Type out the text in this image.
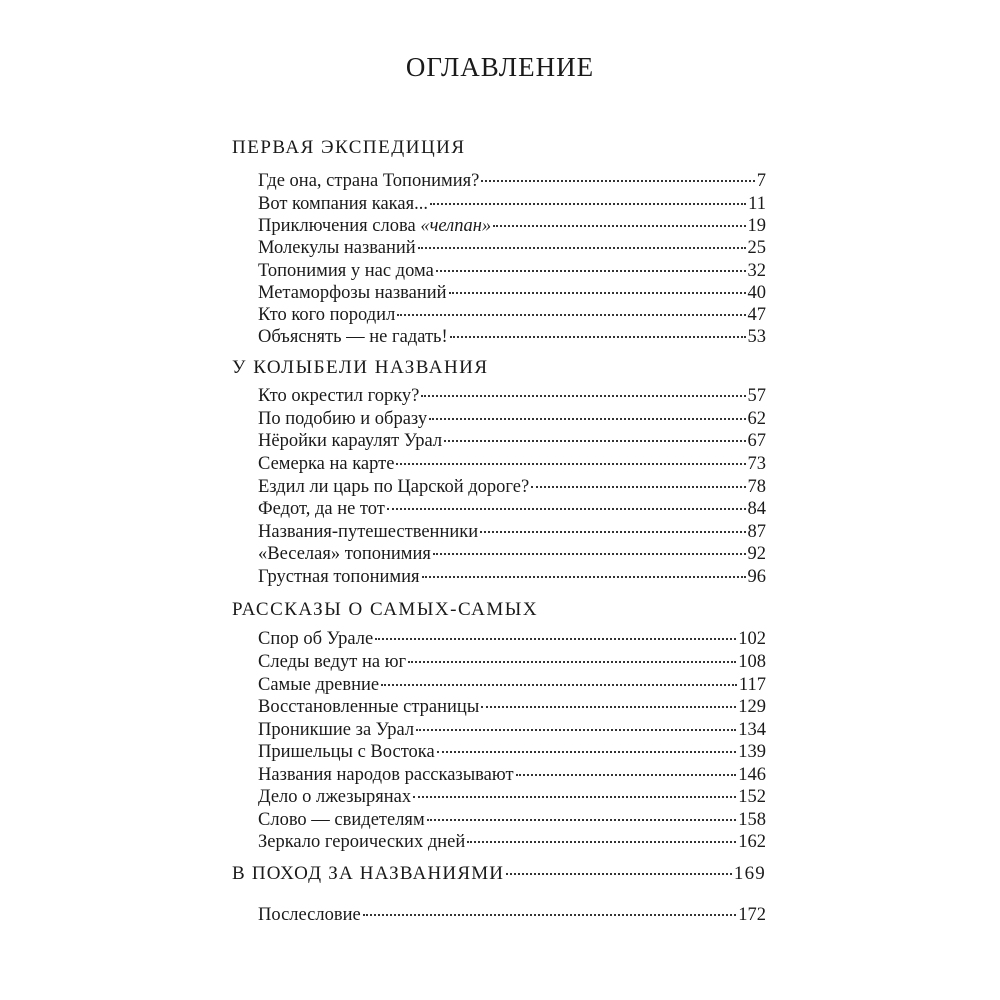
ОГЛАВЛЕНИЕ
ПЕРВАЯ ЭКСПЕДИЦИЯ
Где она, страна Топонимия?	7
Вот компания какая...	11
Приключения слова «челпан»	19
Молекулы названий	25
Топонимия у нас дома	32
Метаморфозы названий	40
Кто кого породил	47
Объяснять — не гадать!	53
У КОЛЫБЕЛИ НАЗВАНИЯ
Кто окрестил горку?	57
По подобию и образу	62
Нёройки караулят Урал	67
Семерка на карте	73
Ездил ли царь по Царской дороге?	78
Федот, да не тот	84
Названия-путешественники	87
«Веселая» топонимия	92
Грустная топонимия	96
РАССКАЗЫ О САМЫХ-САМЫХ
Спор об Урале	102
Следы ведут на юг	108
Самые древние	117
Восстановленные страницы	129
Проникшие за Урал	134
Пришельцы с Востока	139
Названия народов рассказывают	146
Дело о лжезырянах	152
Слово — свидетелям	158
Зеркало героических дней	162
В ПОХОД ЗА НАЗВАНИЯМИ	169
Послесловие	172
